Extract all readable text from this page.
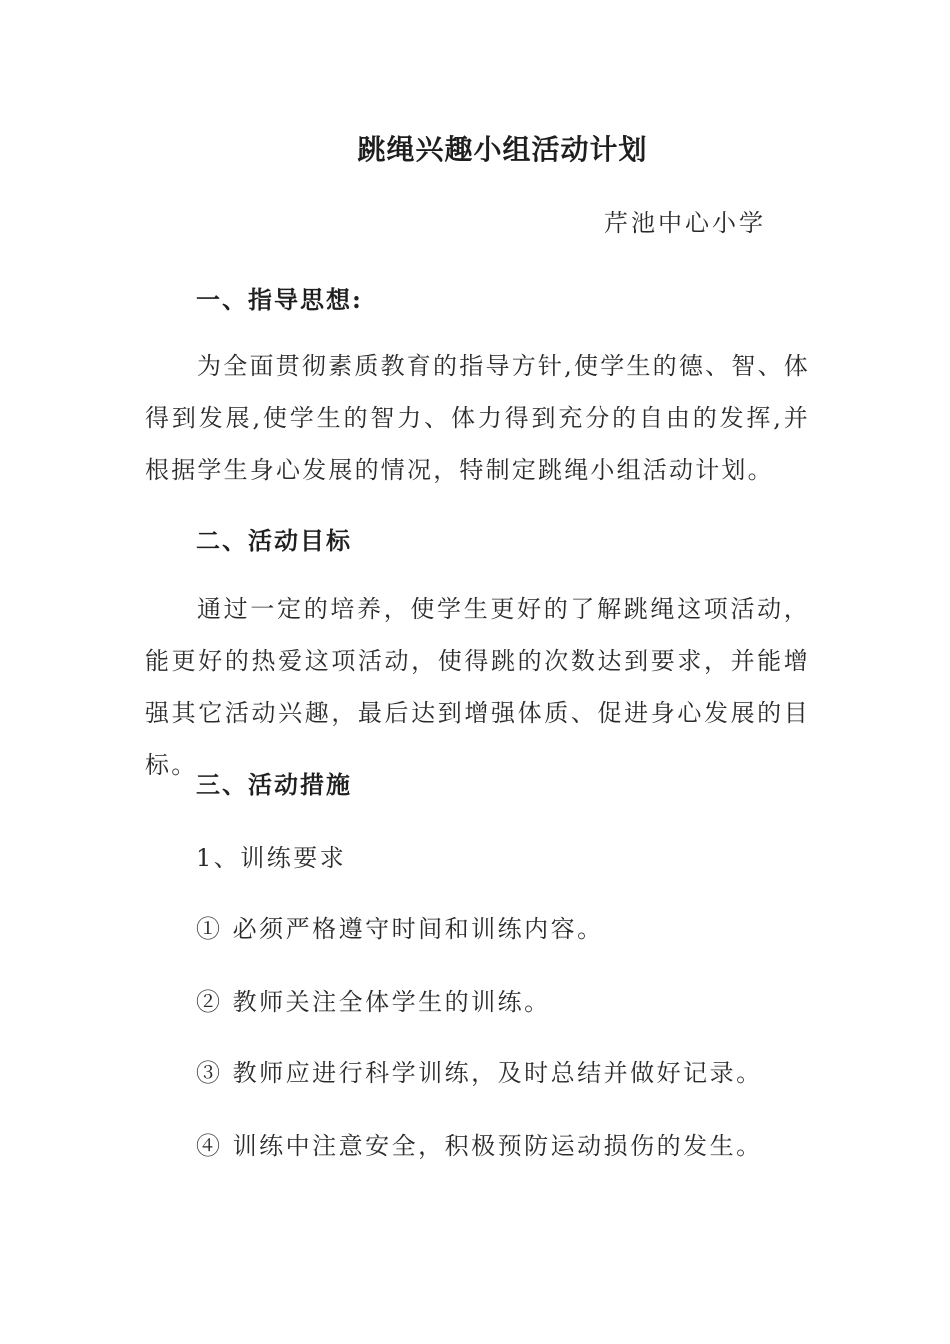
跳绳兴趣小组活动计划
芹池中心小学
一、指导思想:
为全面贯彻素质教育的指导方针,使学生的德、智、体得到发展,使学生的智力、体力得到充分的自由的发挥,并根据学生身心发展的情况，特制定跳绳小组活动计划。
二、活动目标
通过一定的培养，使学生更好的了解跳绳这项活动，能更好的热爱这项活动，使得跳的次数达到要求，并能增强其它活动兴趣，最后达到增强体质、促进身心发展的目标。
三、活动措施
1、训练要求
① 必须严格遵守时间和训练内容。
② 教师关注全体学生的训练。
③ 教师应进行科学训练，及时总结并做好记录。
④ 训练中注意安全，积极预防运动损伤的发生。
